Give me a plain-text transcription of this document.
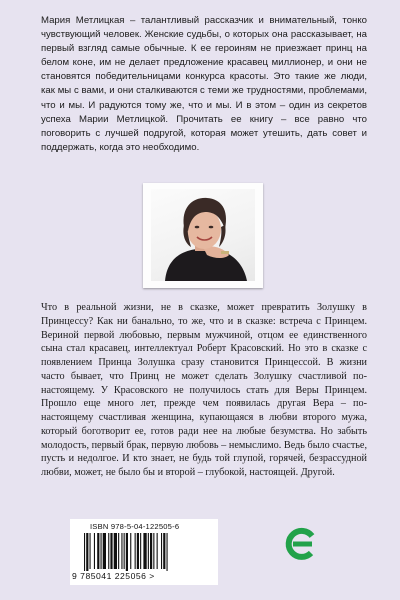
Мария Метлицкая – талантливый рассказчик и внимательный, тонко чувствующий человек. Женские судьбы, о которых она рассказывает, на первый взгляд самые обычные. К ее героиням не приезжает принц на белом коне, им не делает предложение красавец миллионер, и они не становятся победительницами конкурса красоты. Это такие же люди, как мы с вами, и они сталкиваются с теми же трудностями, проблемами, что и мы. И радуются тому же, что и мы. И в этом – один из секретов успеха Марии Метлицкой. Прочитать ее книгу – все равно что поговорить с лучшей подругой, которая может утешить, дать совет и поддержать, когда это необходимо.

Что в реальной жизни, не в сказке, может превратить Золушку в Принцессу? Как ни банально, то же, что и в сказке: встреча с Принцем. Вериной первой любовью, первым мужчиной, отцом ее единственного сына стал красавец, интеллектуал Роберт Красовский. Но это в сказке с появлением Принца Золушка сразу становится Принцессой. В жизни часто бывает, что Принц не может сделать Золушку счастливой по-настоящему. У Красовского не получилось стать для Веры Принцем. Прошло еще много лет, прежде чем появилась другая Вера – по-настоящему счастливая женщина, купающаяся в любви второго мужа, который боготворит ее, готов ради нее на любые безумства. Но забыть молодость, первый брак, первую любовь – немыслимо. Ведь было счастье, пусть и недолгое. И кто знает, не будь той глупой, горячей, безрассудной любви, может, не было бы и второй – глубокой, настоящей. Другой.

ISBN 978-5-04-122505-6
9 785041 225056 >
